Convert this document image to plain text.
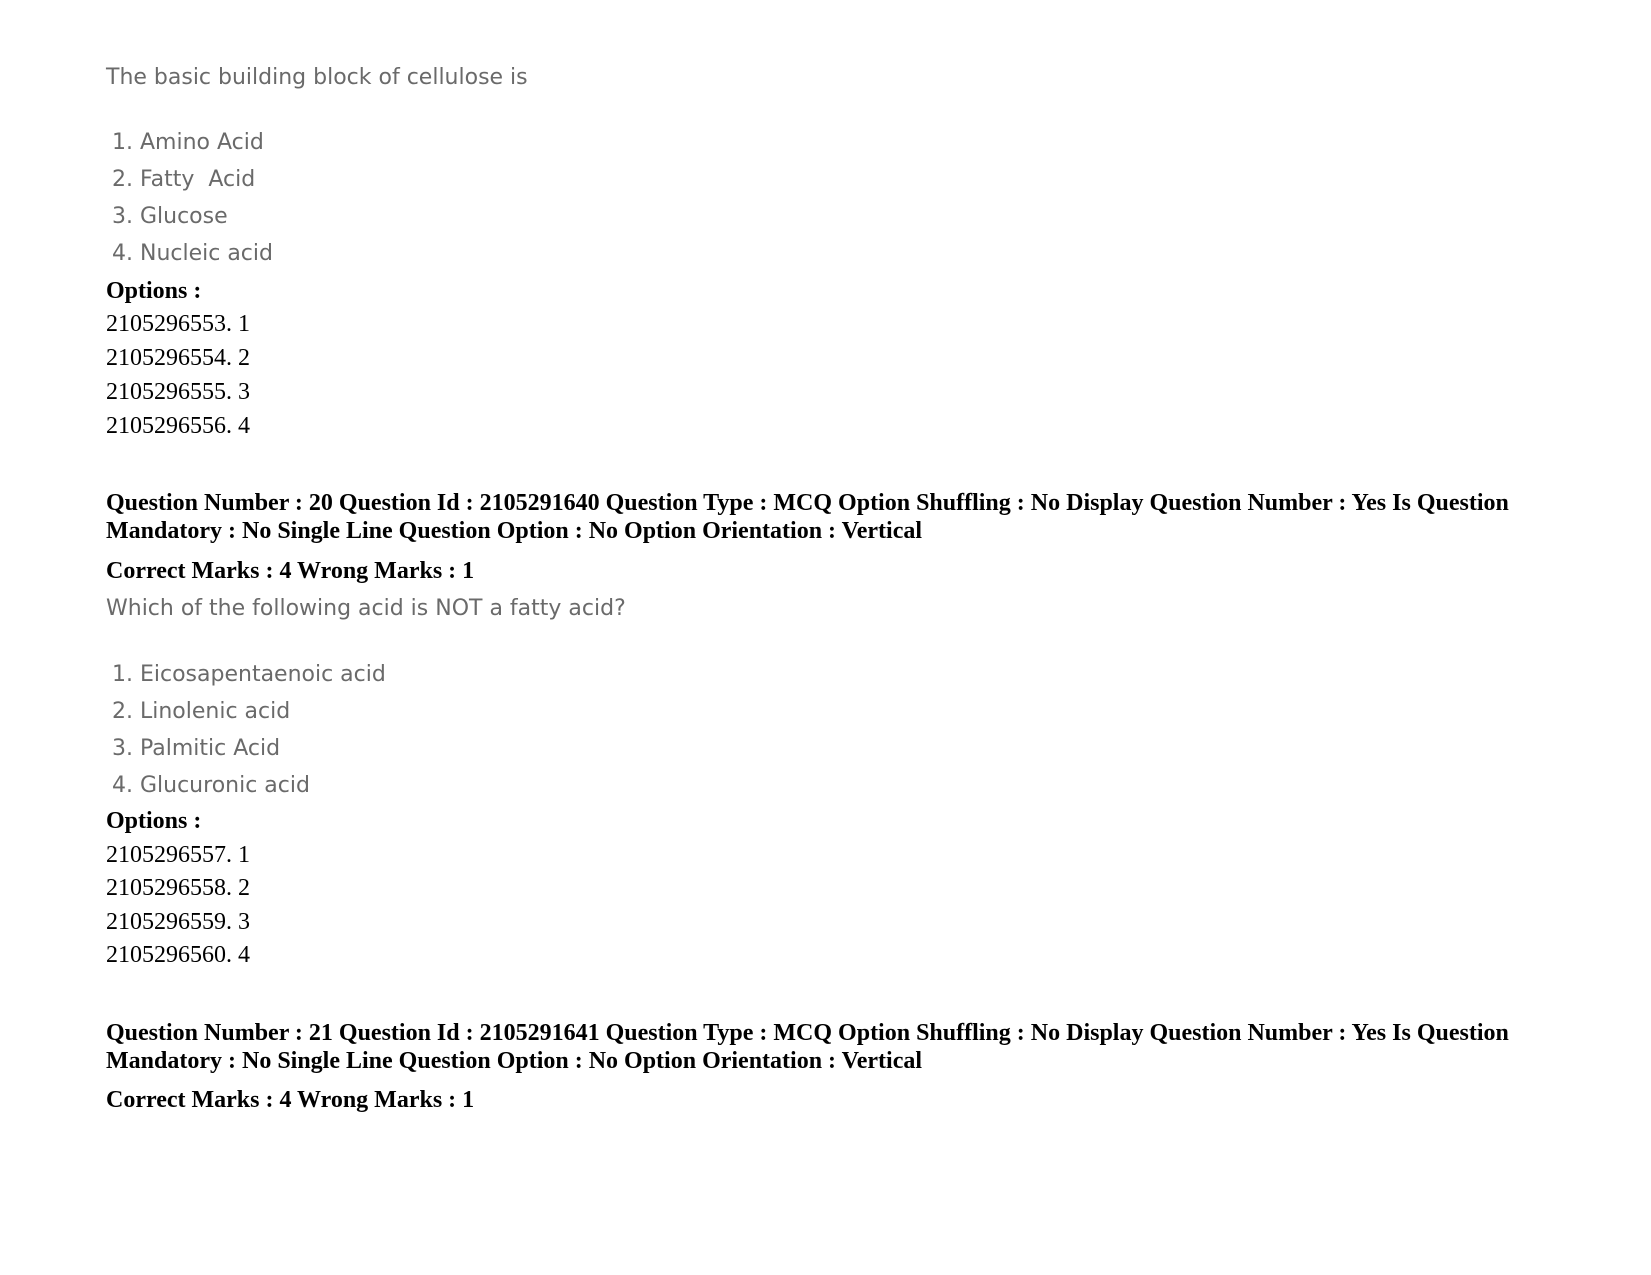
The basic building block of cellulose is
1. Amino Acid
2. Fatty  Acid
3. Glucose
4. Nucleic acid
Options :
2105296553. 1
2105296554. 2
2105296555. 3
2105296556. 4
Question Number : 20 Question Id : 2105291640 Question Type : MCQ Option Shuffling : No Display Question Number : Yes Is Question Mandatory : No Single Line Question Option : No Option Orientation : Vertical
Correct Marks : 4 Wrong Marks : 1
Which of the following acid is NOT a fatty acid?
1. Eicosapentaenoic acid
2. Linolenic acid
3. Palmitic Acid
4. Glucuronic acid
Options :
2105296557. 1
2105296558. 2
2105296559. 3
2105296560. 4
Question Number : 21 Question Id : 2105291641 Question Type : MCQ Option Shuffling : No Display Question Number : Yes Is Question Mandatory : No Single Line Question Option : No Option Orientation : Vertical
Correct Marks : 4 Wrong Marks : 1
